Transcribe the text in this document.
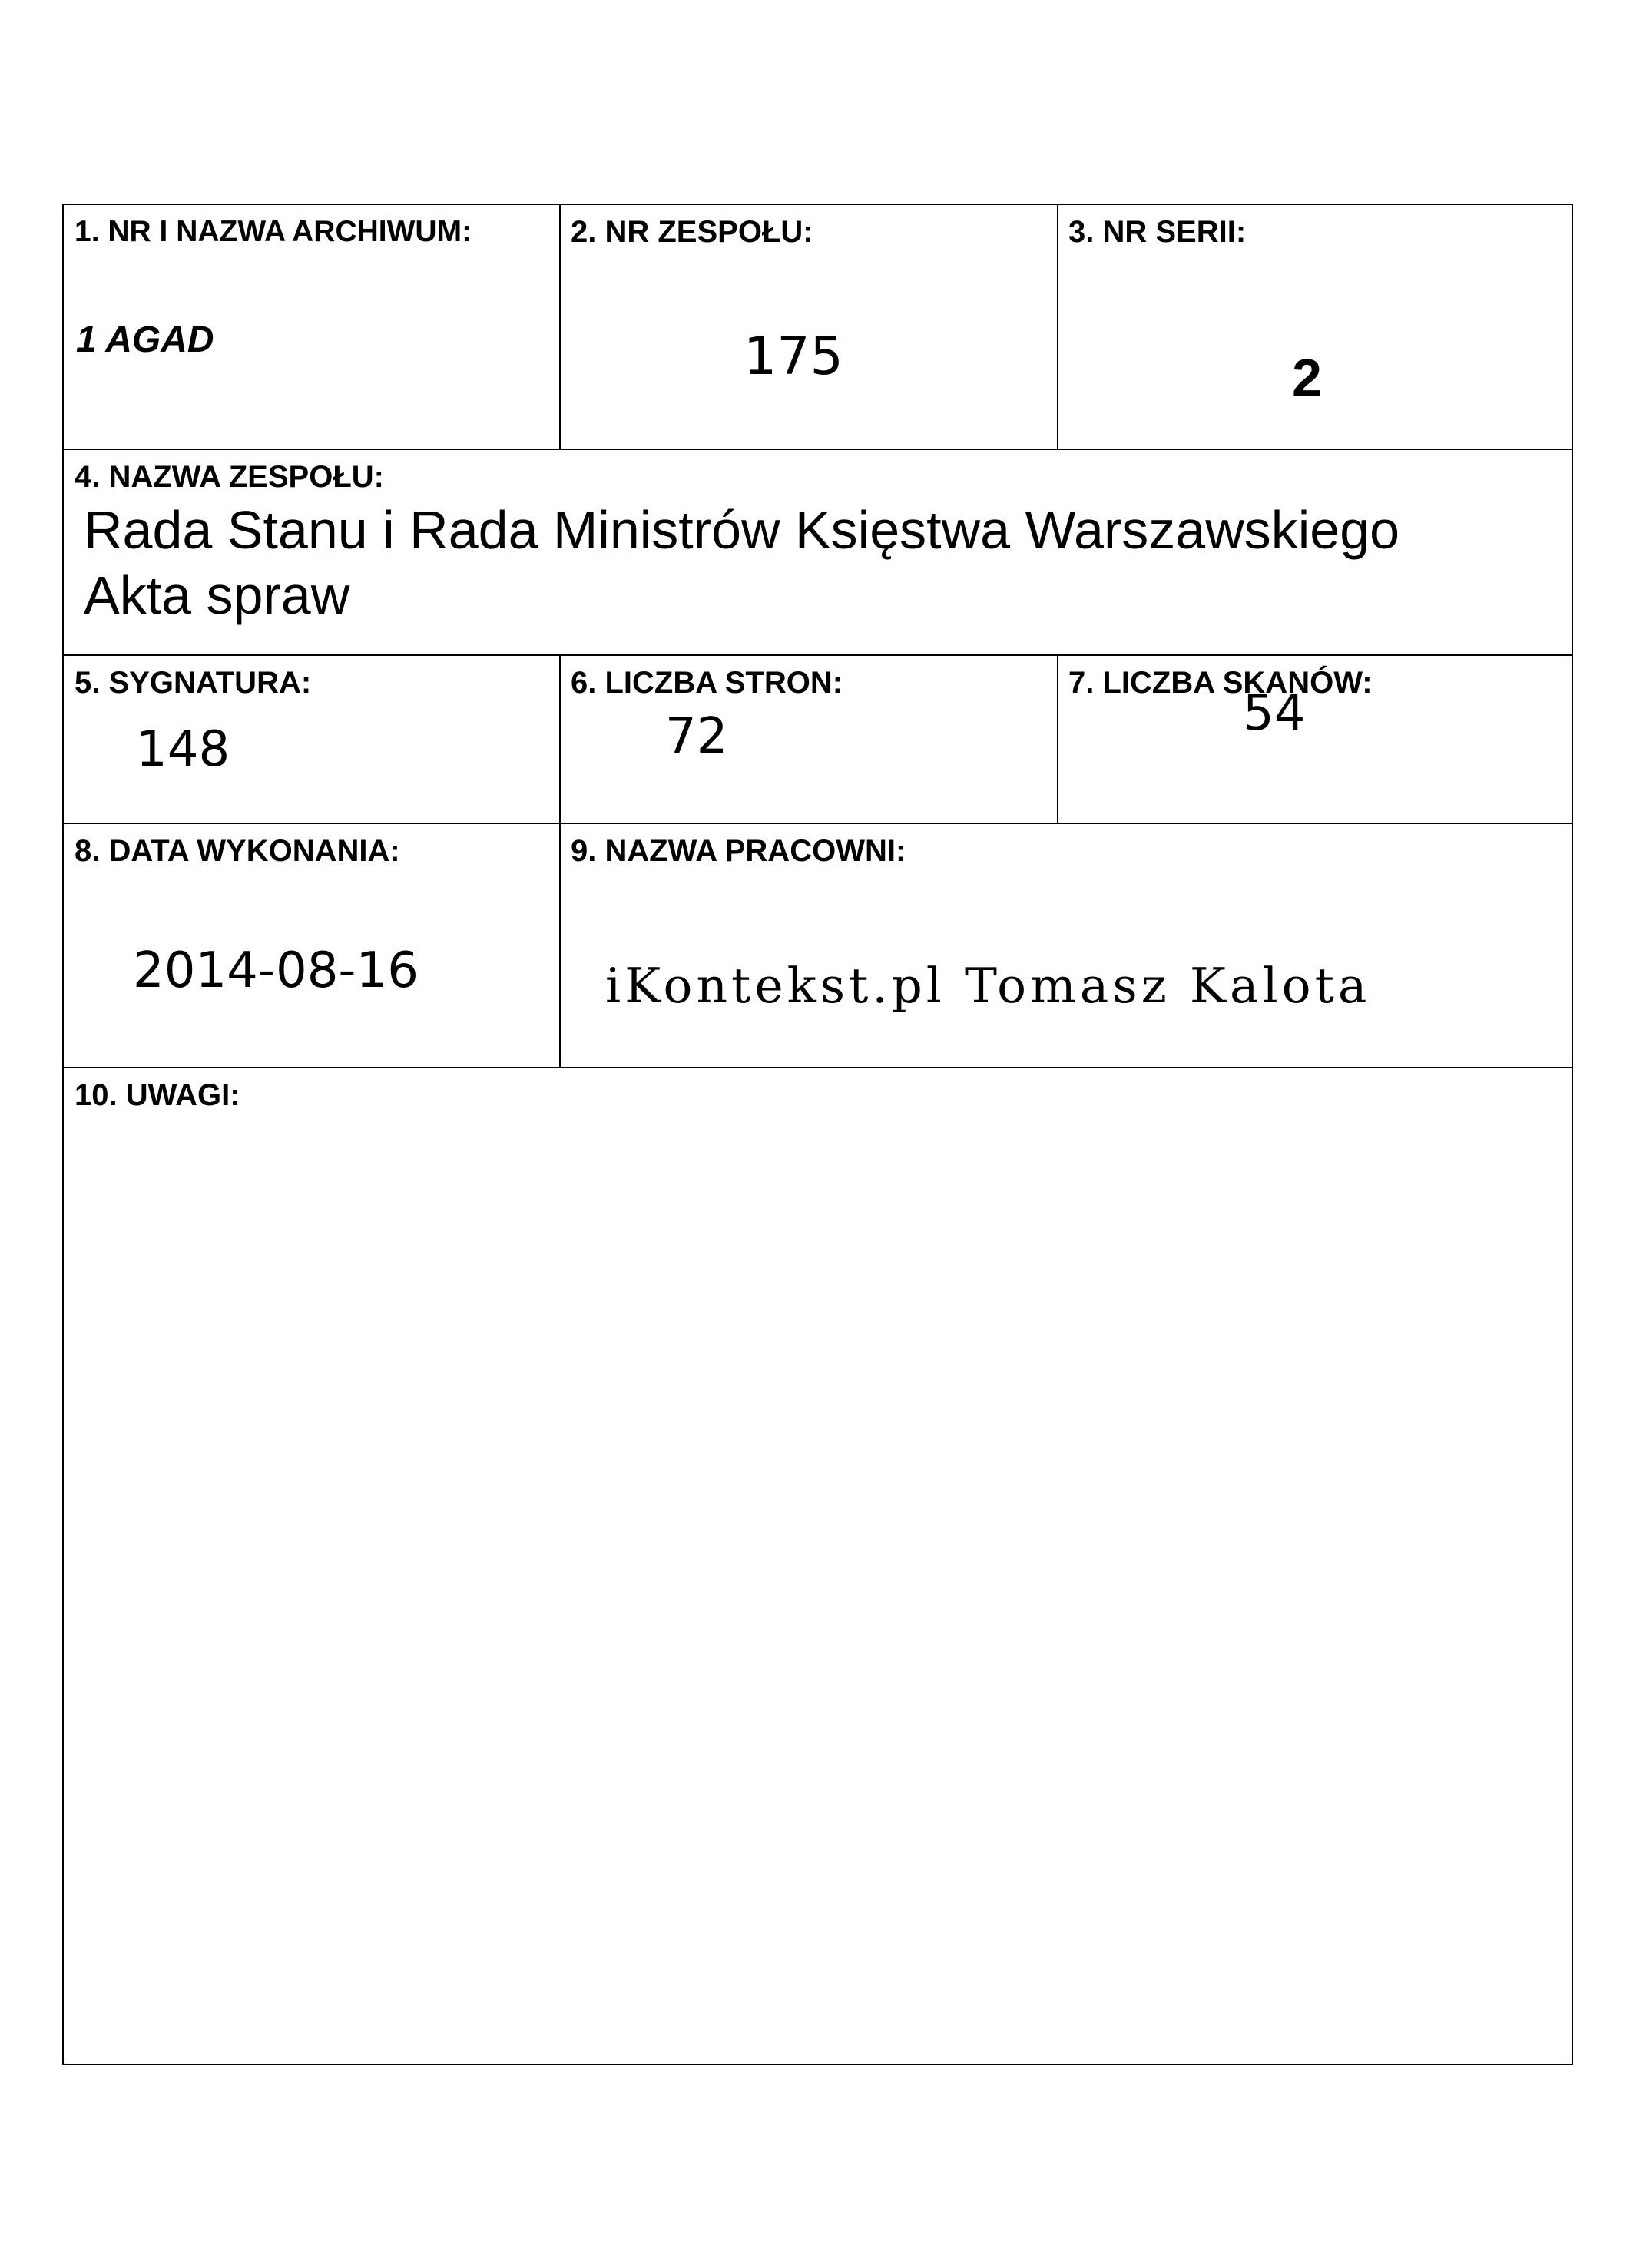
1. NR I NAZWA ARCHIWUM:
1 AGAD
2. NR ZESPOŁU:
175
3. NR SERII:
2
4. NAZWA ZESPOŁU:
Rada Stanu i Rada Ministrów Księstwa Warszawskiego
Akta spraw
5. SYGNATURA:
148
6. LICZBA STRON:
72
7. LICZBA SKANÓW:
54
8. DATA WYKONANIA:
2014-08-16
9. NAZWA PRACOWNI:
iKontekst.pl Tomasz Kalota
10. UWAGI:
